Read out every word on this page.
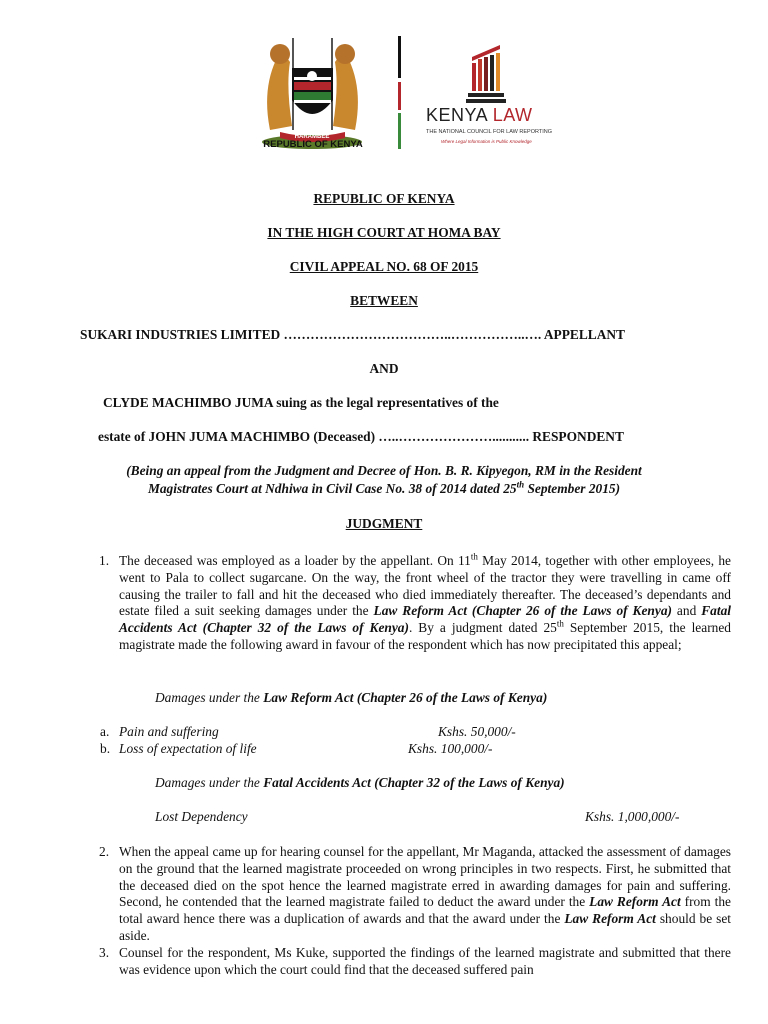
HARAMBEE
REPUBLIC OF KENYA
KENYA LAW
THE NATIONAL COUNCIL FOR LAW REPORTING
Where Legal Information is Public Knowledge
REPUBLIC OF KENYA
IN THE HIGH COURT AT HOMA BAY
CIVIL APPEAL NO. 68 OF 2015
BETWEEN
SUKARI INDUSTRIES LIMITED ………………………………..……………..…. APPELLANT
AND
CLYDE MACHIMBO JUMA suing as the legal representatives of the
estate of JOHN JUMA MACHIMBO (Deceased) …..…………………........... RESPONDENT
(Being an appeal from the Judgment and Decree of Hon. B. R. Kipyegon, RM in the Resident
Magistrates Court at Ndhiwa in Civil Case No. 38 of 2014 dated 25th September 2015)
JUDGMENT
1. The deceased was employed as a loader by the appellant. On 11th May 2014, together with other employees, he went to Pala to collect sugarcane. On the way, the front wheel of the tractor they were travelling in came off causing the trailer to fall and hit the deceased who died immediately thereafter. The deceased’s dependants and estate filed a suit seeking damages under the Law Reform Act (Chapter 26 of the Laws of Kenya) and Fatal Accidents Act (Chapter 32 of the Laws of Kenya). By a judgment dated 25th September 2015, the learned magistrate made the following award in favour of the respondent which has now precipitated this appeal;
Damages under the Law Reform Act (Chapter 26 of the Laws of Kenya)
a. Pain and suffering	Kshs. 50,000/-
b. Loss of expectation of life	Kshs. 100,000/-
Damages under the Fatal Accidents Act (Chapter 32 of the Laws of Kenya)
Lost Dependency	Kshs. 1,000,000/-
2. When the appeal came up for hearing counsel for the appellant, Mr Maganda, attacked the assessment of damages on the ground that the learned magistrate proceeded on wrong principles in two respects. First, he submitted that the deceased died on the spot hence the learned magistrate erred in awarding damages for pain and suffering. Second, he contended that the learned magistrate failed to deduct the award under the Law Reform Act from the total award hence there was a duplication of awards and that the award under the Law Reform Act should be set aside.
3. Counsel for the respondent, Ms Kuke, supported the findings of the learned magistrate and submitted that there was evidence upon which the court could find that the deceased suffered pain
